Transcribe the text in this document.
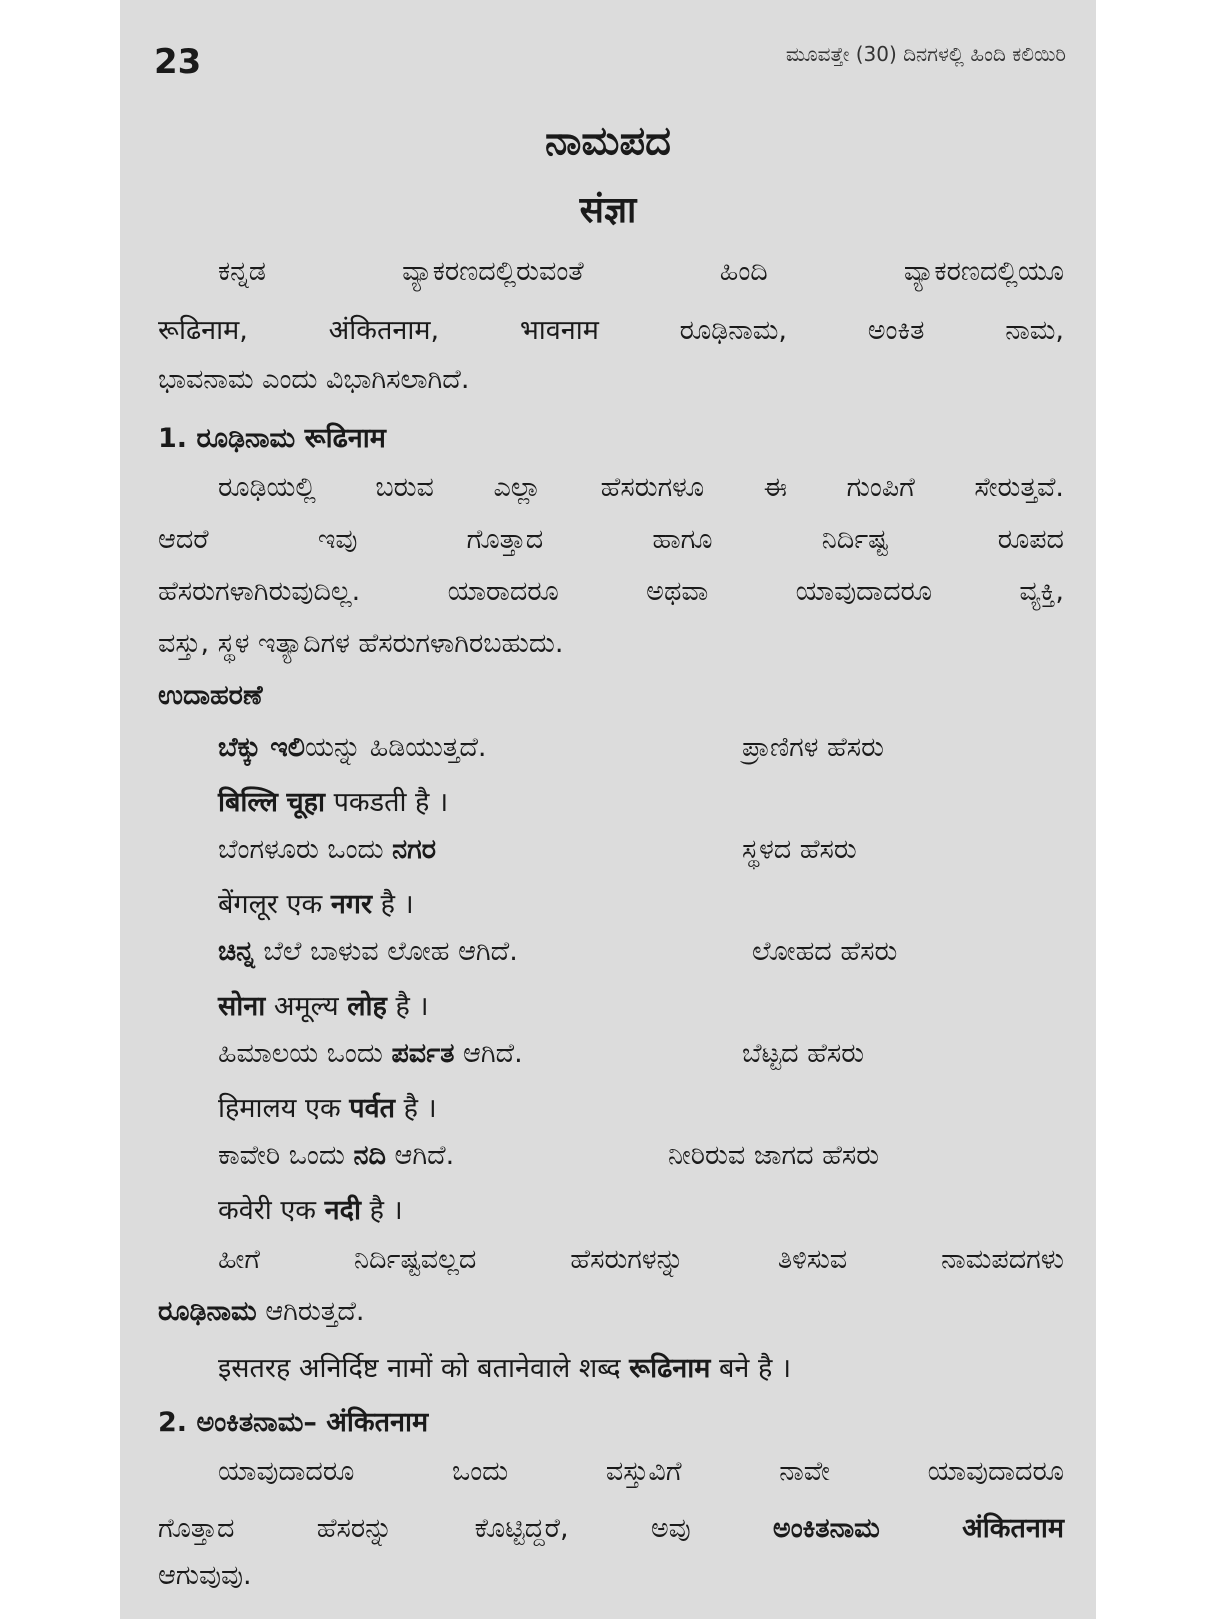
23	ಮೂವತ್ತೇ (30) ದಿನಗಳಲ್ಲಿ ಹಿಂದಿ ಕಲಿಯಿರಿ
ನಾಮಪದ
संज्ञा
ಕನ್ನಡ ವ್ಯಾಕರಣದಲ್ಲಿರುವಂತೆ ಹಿಂದಿ ವ್ಯಾಕರಣದಲ್ಲಿಯೂ
रूढिनाम, अंकितनाम, भावनाम ರೂಢಿನಾಮ, ಅಂಕಿತ ನಾಮ,
ಭಾವನಾಮ ಎಂದು ವಿಭಾಗಿಸಲಾಗಿದೆ.
1. ರೂಢಿನಾಮ रूढिनाम
ರೂಢಿಯಲ್ಲಿ ಬರುವ ಎಲ್ಲಾ ಹೆಸರುಗಳೂ ಈ ಗುಂಪಿಗೆ ಸೇರುತ್ತವೆ.
ಆದರೆ ಇವು ಗೊತ್ತಾದ ಹಾಗೂ ನಿರ್ದಿಷ್ಟ ರೂಪದ
ಹೆಸರುಗಳಾಗಿರುವುದಿಲ್ಲ. ಯಾರಾದರೂ ಅಥವಾ ಯಾವುದಾದರೂ ವ್ಯಕ್ತಿ,
ವಸ್ತು, ಸ್ಥಳ ಇತ್ಯಾದಿಗಳ ಹೆಸರುಗಳಾಗಿರಬಹುದು.
ಉದಾಹರಣೆ
ಬೆಕ್ಕು ಇಲಿಯನ್ನು ಹಿಡಿಯುತ್ತದೆ.	ಪ್ರಾಣಿಗಳ ಹೆಸರು
बिल्लि चूहा पकडती है ।
ಬೆಂಗಳೂರು ಒಂದು ನಗರ	ಸ್ಥಳದ ಹೆಸರು
बेंगलूर एक नगर है ।
ಚಿನ್ನ ಬೆಲೆ ಬಾಳುವ ಲೋಹ ಆಗಿದೆ.	ಲೋಹದ ಹೆಸರು
सोना अमूल्य लोह है ।
ಹಿಮಾಲಯ ಒಂದು ಪರ್ವತ ಆಗಿದೆ.	ಬೆಟ್ಟದ ಹೆಸರು
हिमालय एक पर्वत है ।
ಕಾವೇರಿ ಒಂದು ನದಿ ಆಗಿದೆ.	ನೀರಿರುವ ಜಾಗದ ಹೆಸರು
कवेरी एक नदी है ।
ಹೀಗೆ ನಿರ್ದಿಷ್ಟವಲ್ಲದ ಹೆಸರುಗಳನ್ನು ತಿಳಿಸುವ ನಾಮಪದಗಳು
ರೂಢಿನಾಮ ಆಗಿರುತ್ತದೆ.
इसतरह अनिर्दिष्ट नामों को बतानेवाले शब्द रूढिनाम बने है ।
2. ಅಂಕಿತನಾಮ– अंकितनाम
ಯಾವುದಾದರೂ ಒಂದು ವಸ್ತುವಿಗೆ ನಾವೇ ಯಾವುದಾದರೂ
ಗೊತ್ತಾದ ಹೆಸರನ್ನು ಕೊಟ್ಟಿದ್ದರೆ, ಅವು	ಅಂಕಿತನಾಮ	अंकितनाम
ಆಗುವುವು.
